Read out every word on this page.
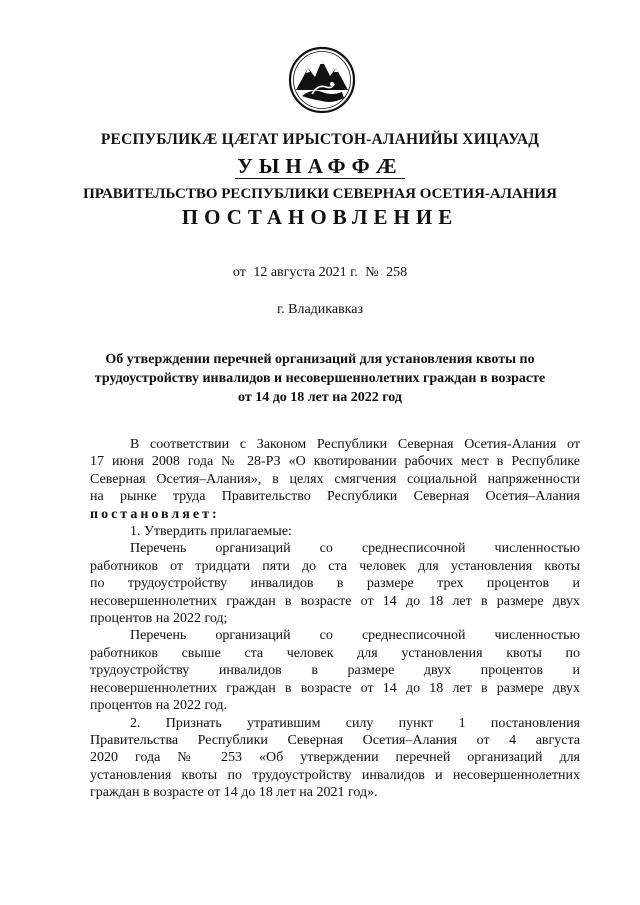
РЕСПУБЛИКӔ ЦӔГАТ ИРЫСТОН-АЛАНИЙЫ ХИЦАУАД
УЫНАФФӔ
ПРАВИТЕЛЬСТВО РЕСПУБЛИКИ СЕВЕРНАЯ ОСЕТИЯ-АЛАНИЯ
ПОСТАНОВЛЕНИЕ
от 12 августа 2021 г. № 258
г. Владикавказ
Об утверждении перечней организаций для установления квоты по
трудоустройству инвалидов и несовершеннолетних граждан в возрасте
от 14 до 18 лет на 2022 год
В соответствии с Законом Республики Северная Осетия-Алания от
17 июня 2008 года № 28-РЗ «О квотировании рабочих мест в Республике
Северная Осетия–Алания», в целях смягчения социальной напряженности
на рынке труда Правительство Республики Северная Осетия–Алания
постановляет:
1. Утвердить прилагаемые:
Перечень организаций со среднесписочной численностью
работников от тридцати пяти до ста человек для установления квоты
по трудоустройству инвалидов в размере трех процентов и
несовершеннолетних граждан в возрасте от 14 до 18 лет в размере двух
процентов на 2022 год;
Перечень организаций со среднесписочной численностью
работников свыше ста человек для установления квоты по
трудоустройству инвалидов в размере двух процентов и
несовершеннолетних граждан в возрасте от 14 до 18 лет в размере двух
процентов на 2022 год.
2. Признать утратившим силу пункт 1 постановления
Правительства Республики Северная Осетия–Алания от 4 августа
2020 года № 253 «Об утверждении перечней организаций для
установления квоты по трудоустройству инвалидов и несовершеннолетних
граждан в возрасте от 14 до 18 лет на 2021 год».
